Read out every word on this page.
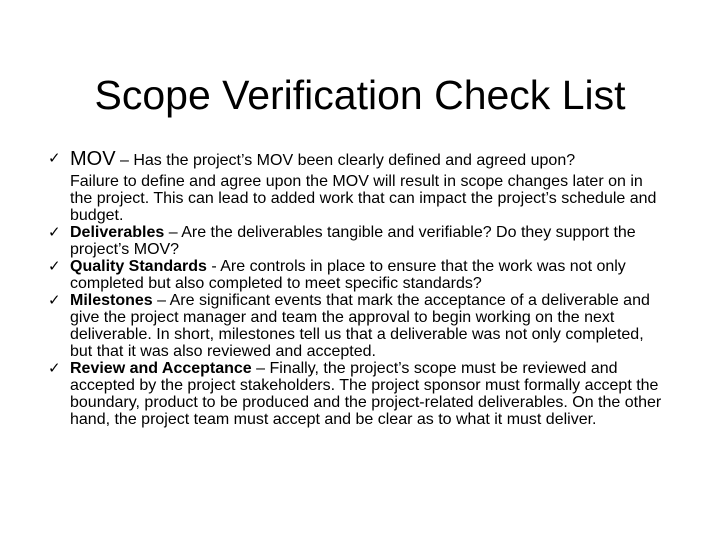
Scope Verification Check List
✓ MOV – Has the project’s MOV been clearly defined and agreed upon?
Failure to define and agree upon the MOV will result in scope changes later on in the project. This can lead to added work that can impact the project’s schedule and budget.
✓ Deliverables – Are the deliverables tangible and verifiable? Do they support the project’s MOV?
✓ Quality Standards - Are controls in place to ensure that the work was not only completed but also completed to meet specific standards?
✓ Milestones – Are significant events that mark the acceptance of a deliverable and give the project manager and team the approval to begin working on the next deliverable. In short, milestones tell us that a deliverable was not only completed, but that it was also reviewed and accepted.
✓ Review and Acceptance – Finally, the project’s scope must be reviewed and accepted by the project stakeholders. The project sponsor must formally accept the boundary, product to be produced and the project-related deliverables. On the other hand, the project team must accept and be clear as to what it must deliver.
